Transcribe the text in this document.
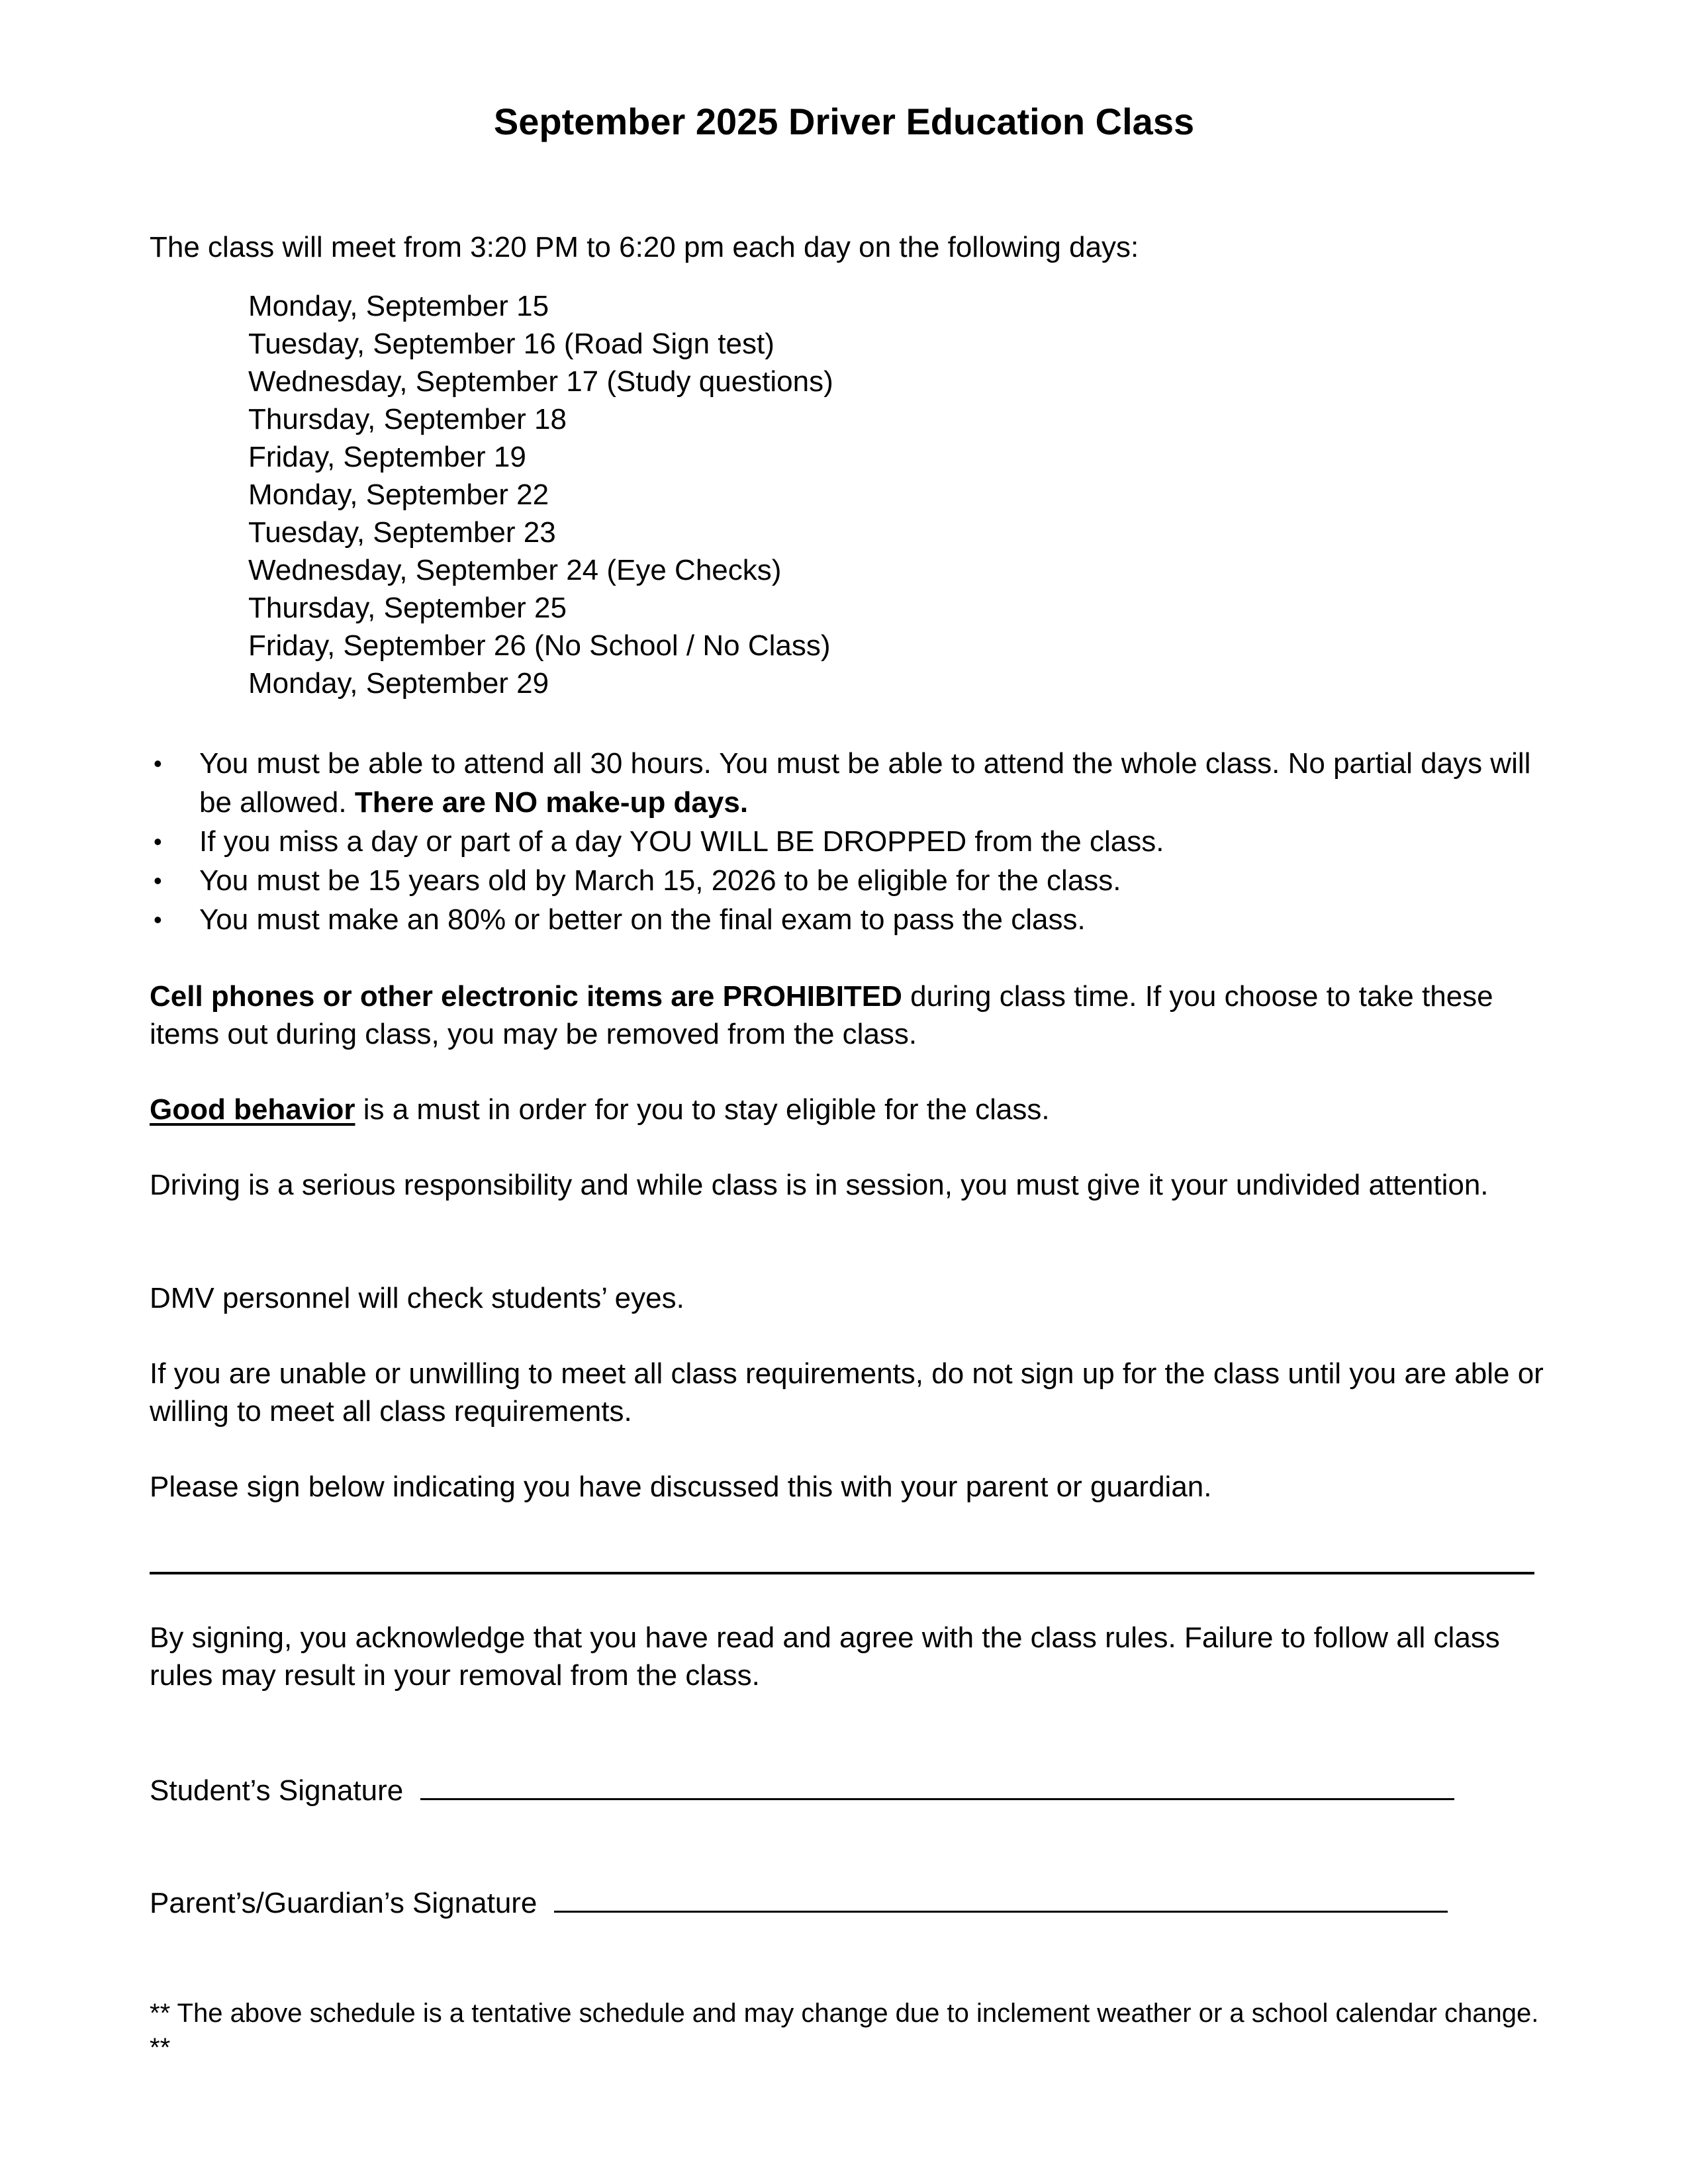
September 2025 Driver Education Class

The class will meet from 3:20 PM to 6:20 pm each day on the following days:

Monday, September 15
Tuesday, September 16 (Road Sign test)
Wednesday, September 17 (Study questions)
Thursday, September 18
Friday, September 19
Monday, September 22
Tuesday, September 23
Wednesday, September 24 (Eye Checks)
Thursday, September 25
Friday, September 26 (No School / No Class)
Monday, September 29
• You must be able to attend all 30 hours. You must be able to attend the whole class. No partial days will be allowed. There are NO make-up days.
• If you miss a day or part of a day YOU WILL BE DROPPED from the class.
• You must be 15 years old by March 15, 2026 to be eligible for the class.
• You must make an 80% or better on the final exam to pass the class.

Cell phones or other electronic items are PROHIBITED during class time. If you choose to take these items out during class, you may be removed from the class.

Good behavior is a must in order for you to stay eligible for the class.

Driving is a serious responsibility and while class is in session, you must give it your undivided attention.

DMV personnel will check students’ eyes.

If you are unable or unwilling to meet all class requirements, do not sign up for the class until you are able or willing to meet all class requirements.

Please sign below indicating you have discussed this with your parent or guardian.

By signing, you acknowledge that you have read and agree with the class rules. Failure to follow all class rules may result in your removal from the class.

Student’s Signature
Parent’s/Guardian’s Signature

** The above schedule is a tentative schedule and may change due to inclement weather or a school calendar change. **
